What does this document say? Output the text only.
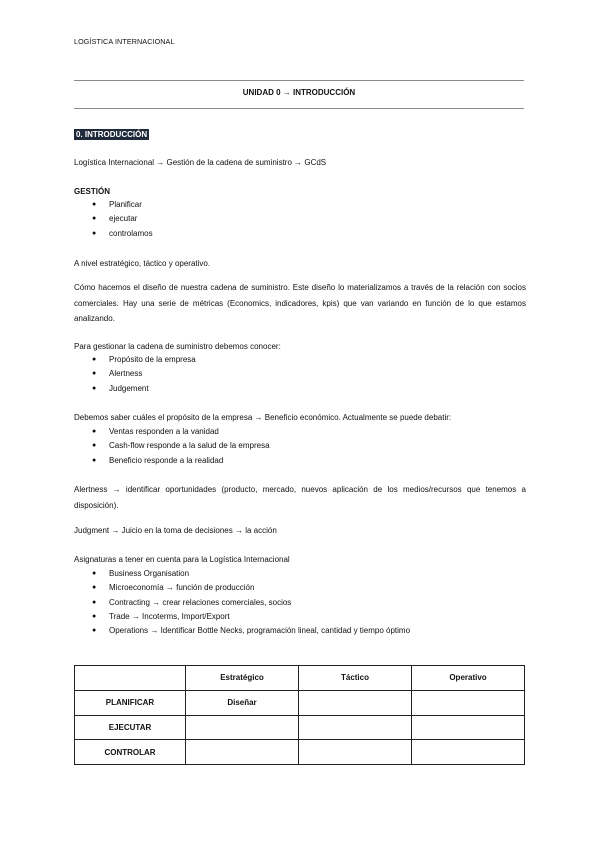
LOGÍSTICA INTERNACIONAL
UNIDAD 0 → INTRODUCCIÓN
0. INTRODUCCIÓN
Logística Internacional → Gestión de la cadena de suministro → GCdS
GESTIÓN
● Planificar
● ejecutar
● controlamos
A nivel estratégico, táctico y operativo.
Cómo hacemos el diseño de nuestra cadena de suministro. Este diseño lo materializamos a través de la relación con socios comerciales. Hay una serie de métricas (Economics, indicadores, kpis) que van variando en función de lo que estamos analizando.
Para gestionar la cadena de suministro debemos conocer:
● Propósito de la empresa
● Alertness
● Judgement
Debemos saber cuáles el propósito de la empresa → Beneficio económico. Actualmente se puede debatir:
● Ventas responden a la vanidad
● Cash-flow responde a la salud de la empresa
● Beneficio responde a la realidad
Alertness → identificar oportunidades (producto, mercado, nuevos aplicación de los medios/recursos que tenemos a disposición).
Judgment → Juicio en la toma de decisiones → la acción
Asignaturas a tener en cuenta para la Logística Internacional
● Business Organisation
● Microeconomía → función de producción
● Contracting → crear relaciones comerciales, socios
● Trade → Incoterms, Import/Export
● Operations → Identificar Bottle Necks, programación lineal, cantidad y tiempo óptimo
	Estratégico	Táctico	Operativo
PLANIFICAR	Diseñar		
EJECUTAR			
CONTROLAR			
